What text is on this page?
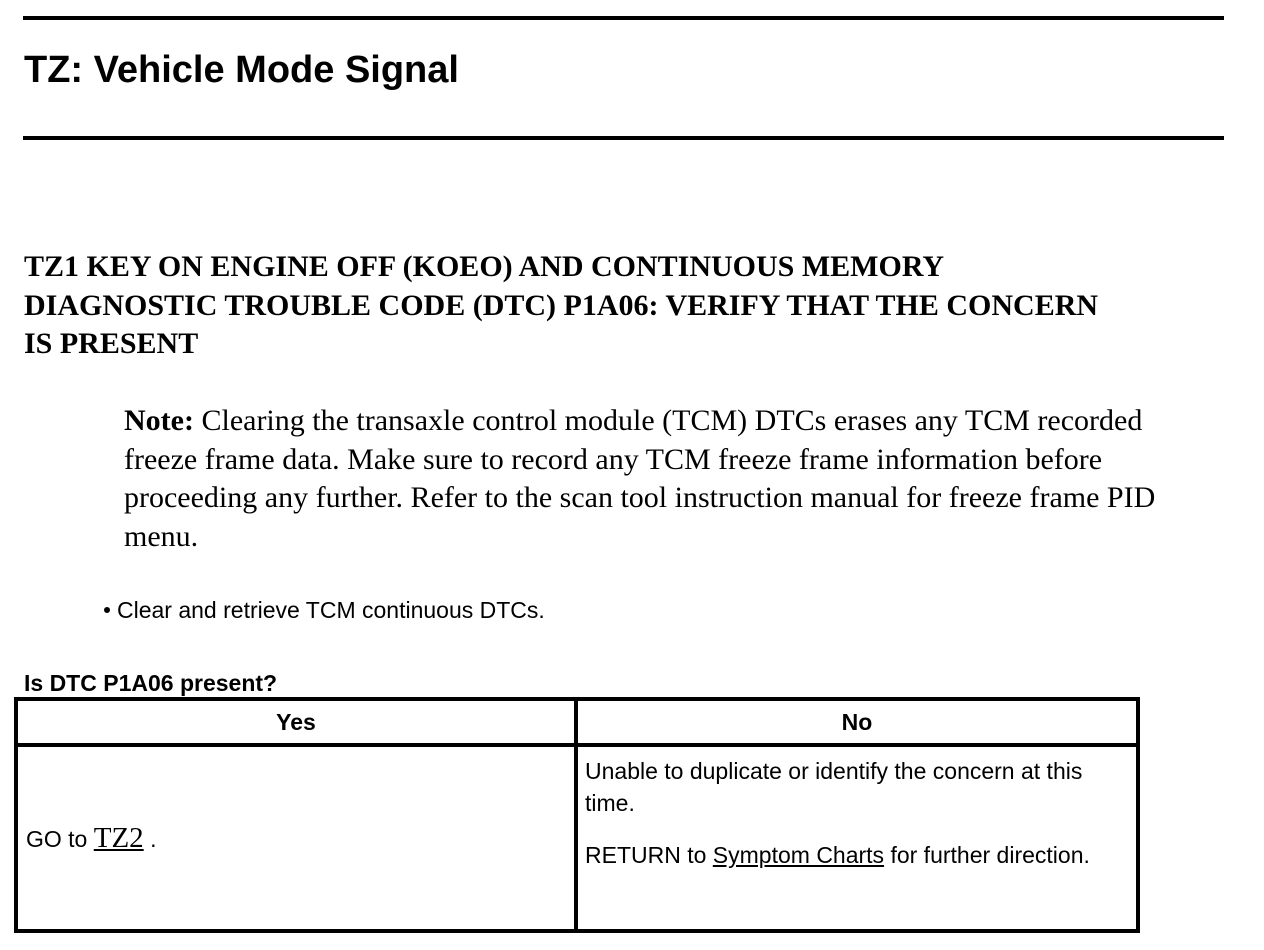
TZ: Vehicle Mode Signal
TZ1 KEY ON ENGINE OFF (KOEO) AND CONTINUOUS MEMORY DIAGNOSTIC TROUBLE CODE (DTC) P1A06: VERIFY THAT THE CONCERN IS PRESENT

Note: Clearing the transaxle control module (TCM) DTCs erases any TCM recorded freeze frame data. Make sure to record any TCM freeze frame information before proceeding any further. Refer to the scan tool instruction manual for freeze frame PID menu.

Clear and retrieve TCM continuous DTCs.

Is DTC P1A06 present?

Yes	No
GO to TZ2 .	Unable to duplicate or identify the concern at this time.

RETURN to Symptom Charts for further direction.
